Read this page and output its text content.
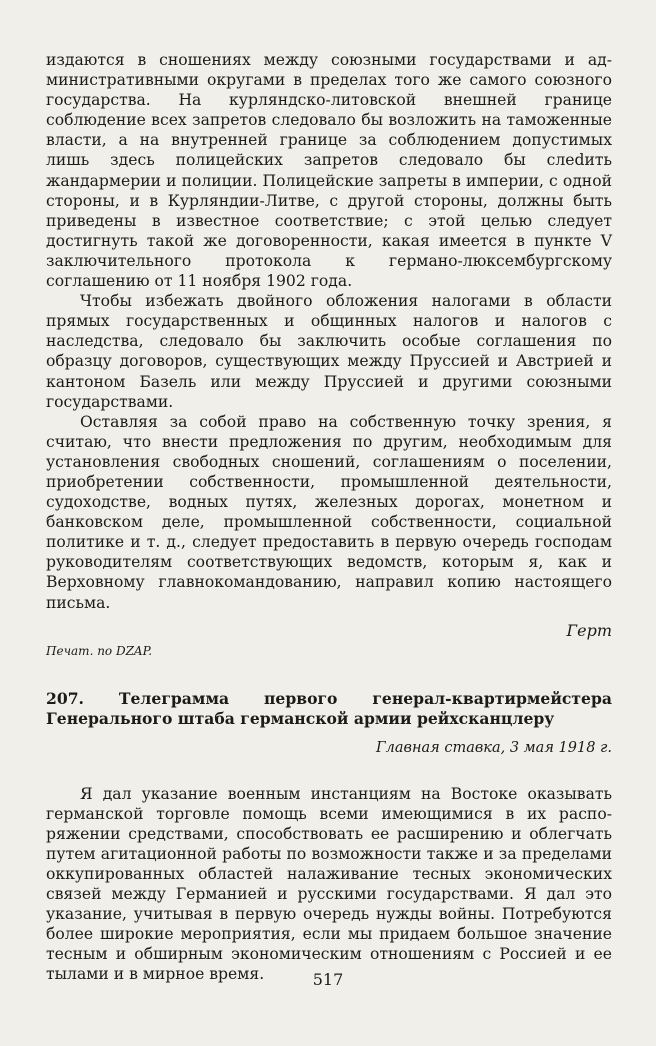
издаются в сношениях между союзными государствами и административными округами в пределах того же самого союзного государства. На курляндско-литовской внешней границе соблюдение всех запретов следовало бы возложить на таможенные власти, а на внутренней границе за соблюдением допустимых лишь здесь полицейских запретов следовало бы слеdить жандармерии и полиции. Полицейские запреты в империи, с одной стороны, и в Курляндии-Литве, с другой стороны, должны быть приведены в известное соответствие; с этой целью следует достигнуть такой же договоренности, какая имеется в пункте V заключительного протокола к германо-люксембургскому соглашению от 11 ноября 1902 года.

Чтобы избежать двойного обложения налогами в области прямых государственных и общинных налогов и налогов с наследства, следовало бы заключить особые соглашения по образцу договоров, существующих между Пруссией и Австрией и кантоном Базель или между Пруссией и другими союзными государствами.

Оставляя за собой право на собственную точку зрения, я считаю, что внести предложения по другим, необходимым для установления свободных сношений, соглашениям о поселении, приобретении собственности, промышленной деятельности, судоходстве, водных путях, железных дорогах, монетном и банковском деле, промышленной собственности, социальной политике и т. д., следует предоставить в первую очередь господам руководителям соответствующих ведомств, которым я, как и Верховному главнокомандованию, направил копию настоящего письма.

Герт

Печат. по DZAP.

207. Телеграмма первого генерал-квартирмейстера Генерального штаба германской армии рейхсканцлеру

Главная ставка, 3 мая 1918 г.

Я дал указание военным инстанциям на Востоке оказывать германской торговле помощь всеми имеющимися в их распоряжении средствами, способствовать ее расширению и облегчать путем агитационной работы по возможности также и за пределами оккупированных областей налаживание тесных экономических связей между Германией и русскими государствами. Я дал это указание, учитывая в первую очередь нужды войны. Потребуются более широкие мероприятия, если мы придаем большое значение тесным и обширным экономическим отношениям с Россией и ее тылами и в мирное время.	517
